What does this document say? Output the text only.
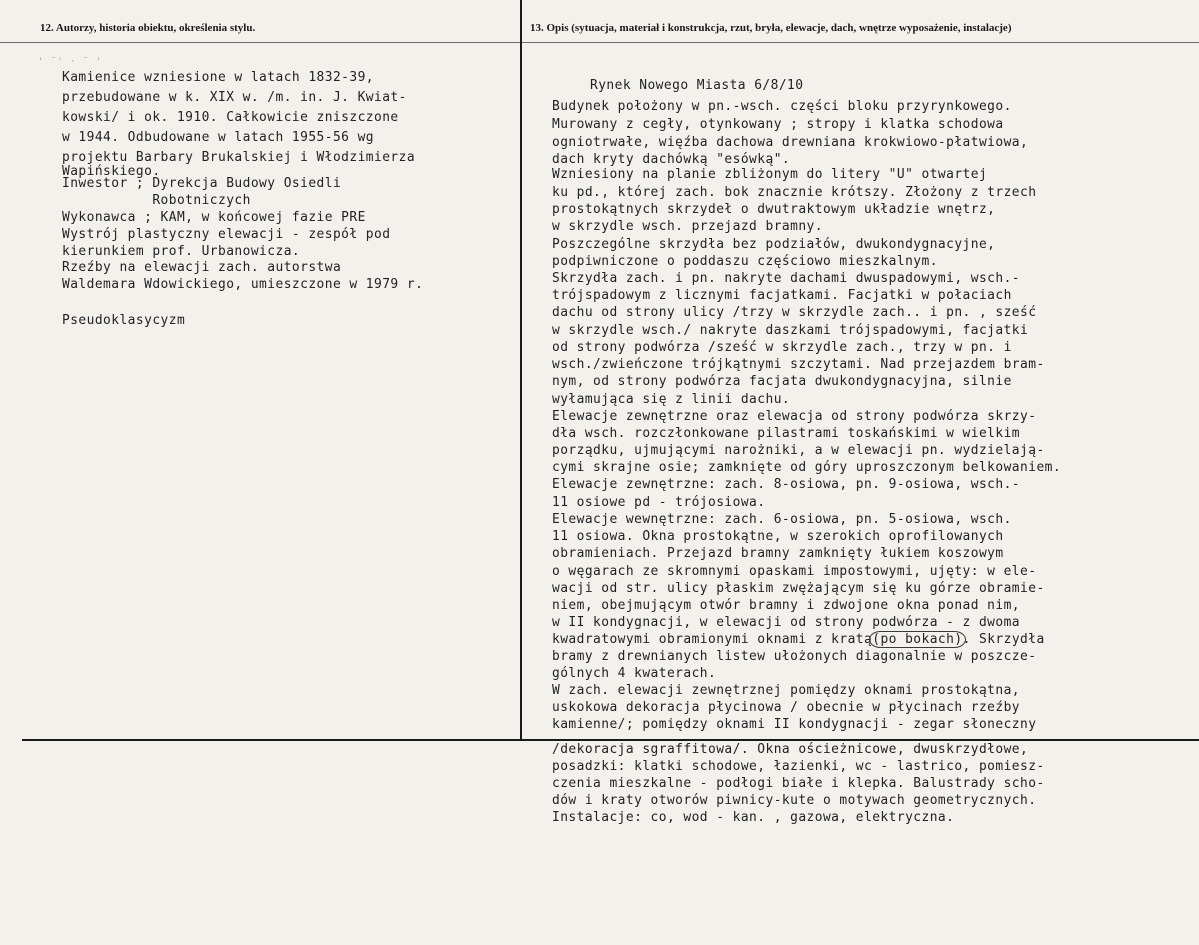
12. Autorzy, historia obiektu, określenia stylu.	13. Opis (sytuacja, materiał i konstrukcja, rzut, bryła, elewacje, dach, wnętrze wyposażenie, instalacje)
' ¨' · ¨ '

Kamienice wzniesione w latach 1832-39,

przebudowane w k. XIX w. /m. in. J. Kwiat-

kowski/ i ok. 1910. Całkowicie zniszczone

w 1944. Odbudowane w latach 1955-56 wg

projektu Barbary Brukalskiej i Włodzimierza

Wapińskiego.

Inwestor ; Dyrekcja Budowy Osiedli

Robotniczych

Wykonawca ; KAM, w końcowej fazie PRE

Wystrój plastyczny elewacji - zespół pod

kierunkiem prof. Urbanowicza.

Rzeźby na elewacji zach. autorstwa

Waldemara Wdowickiego, umieszczone w 1979 r.

Pseudoklasycyzm

Rynek Nowego Miasta 6/8/10

Budynek położony w pn.-wsch. części bloku przyrynkowego.

Murowany z cegły, otynkowany ; stropy i klatka schodowa

ogniotrwałe, więźba dachowa drewniana krokwiowo-płatwiowa,

dach kryty dachówką "esówką".

Wzniesiony na planie zbliżonym do litery "U" otwartej

ku pd., której zach. bok znacznie krótszy. Złożony z trzech

prostokątnych skrzydeł o dwutraktowym układzie wnętrz,

w skrzydle wsch. przejazd bramny.

Poszczególne skrzydła bez podziałów, dwukondygnacyjne,

podpiwniczone o poddaszu częściowo mieszkalnym.

Skrzydła zach. i pn. nakryte dachami dwuspadowymi, wsch.-

trójspadowym z licznymi facjatkami. Facjatki w połaciach

dachu od strony ulicy /trzy w skrzydle zach.. i pn. , sześć

w skrzydle wsch./ nakryte daszkami trójspadowymi, facjatki

od strony podwórza /sześć w skrzydle zach., trzy w pn. i

wsch./zwieńczone trójkątnymi szczytami. Nad przejazdem bram-

nym, od strony podwórza facjata dwukondygnacyjna, silnie

wyłamująca się z linii dachu.

Elewacje zewnętrzne oraz elewacja od strony podwórza skrzy-

dła wsch. rozczłonkowane pilastrami toskańskimi w wielkim

porządku, ujmującymi narożniki, a w elewacji pn. wydzielają-

cymi skrajne osie; zamknięte od góry uproszczonym belkowaniem.

Elewacje zewnętrzne: zach. 8-osiowa, pn. 9-osiowa, wsch.-

11 osiowe pd - trójosiowa.

Elewacje wewnętrzne: zach. 6-osiowa, pn. 5-osiowa, wsch.

11 osiowa. Okna prostokątne, w szerokich oprofilowanych

obramieniach. Przejazd bramny zamknięty łukiem koszowym

o węgarach ze skromnymi opaskami impostowymi, ujęty: w ele-

wacji od str. ulicy płaskim zwężającym się ku górze obramie-

niem, obejmującym otwór bramny i zdwojone okna ponad nim,

w II kondygnacji, w elewacji od strony podwórza - z dwoma

kwadratowymi obramionymi oknami z kratą(po bokach). Skrzydła

bramy z drewnianych listew ułożonych diagonalnie w poszcze-

gólnych 4 kwaterach.

W zach. elewacji zewnętrznej pomiędzy oknami prostokątna,

uskokowa dekoracja płycinowa / obecnie w płycinach rzeźby

kamienne/; pomiędzy oknami II kondygnacji - zegar słoneczny

/dekoracja sgraffitowa/. Okna ościeżnicowe, dwuskrzydłowe,

posadzki: klatki schodowe, łazienki, wc - lastrico, pomiesz-

czenia mieszkalne - podłogi białe i klepka. Balustrady scho-

dów i kraty otworów piwnicy-kute o motywach geometrycznych.

Instalacje: co, wod - kan. , gazowa, elektryczna.
